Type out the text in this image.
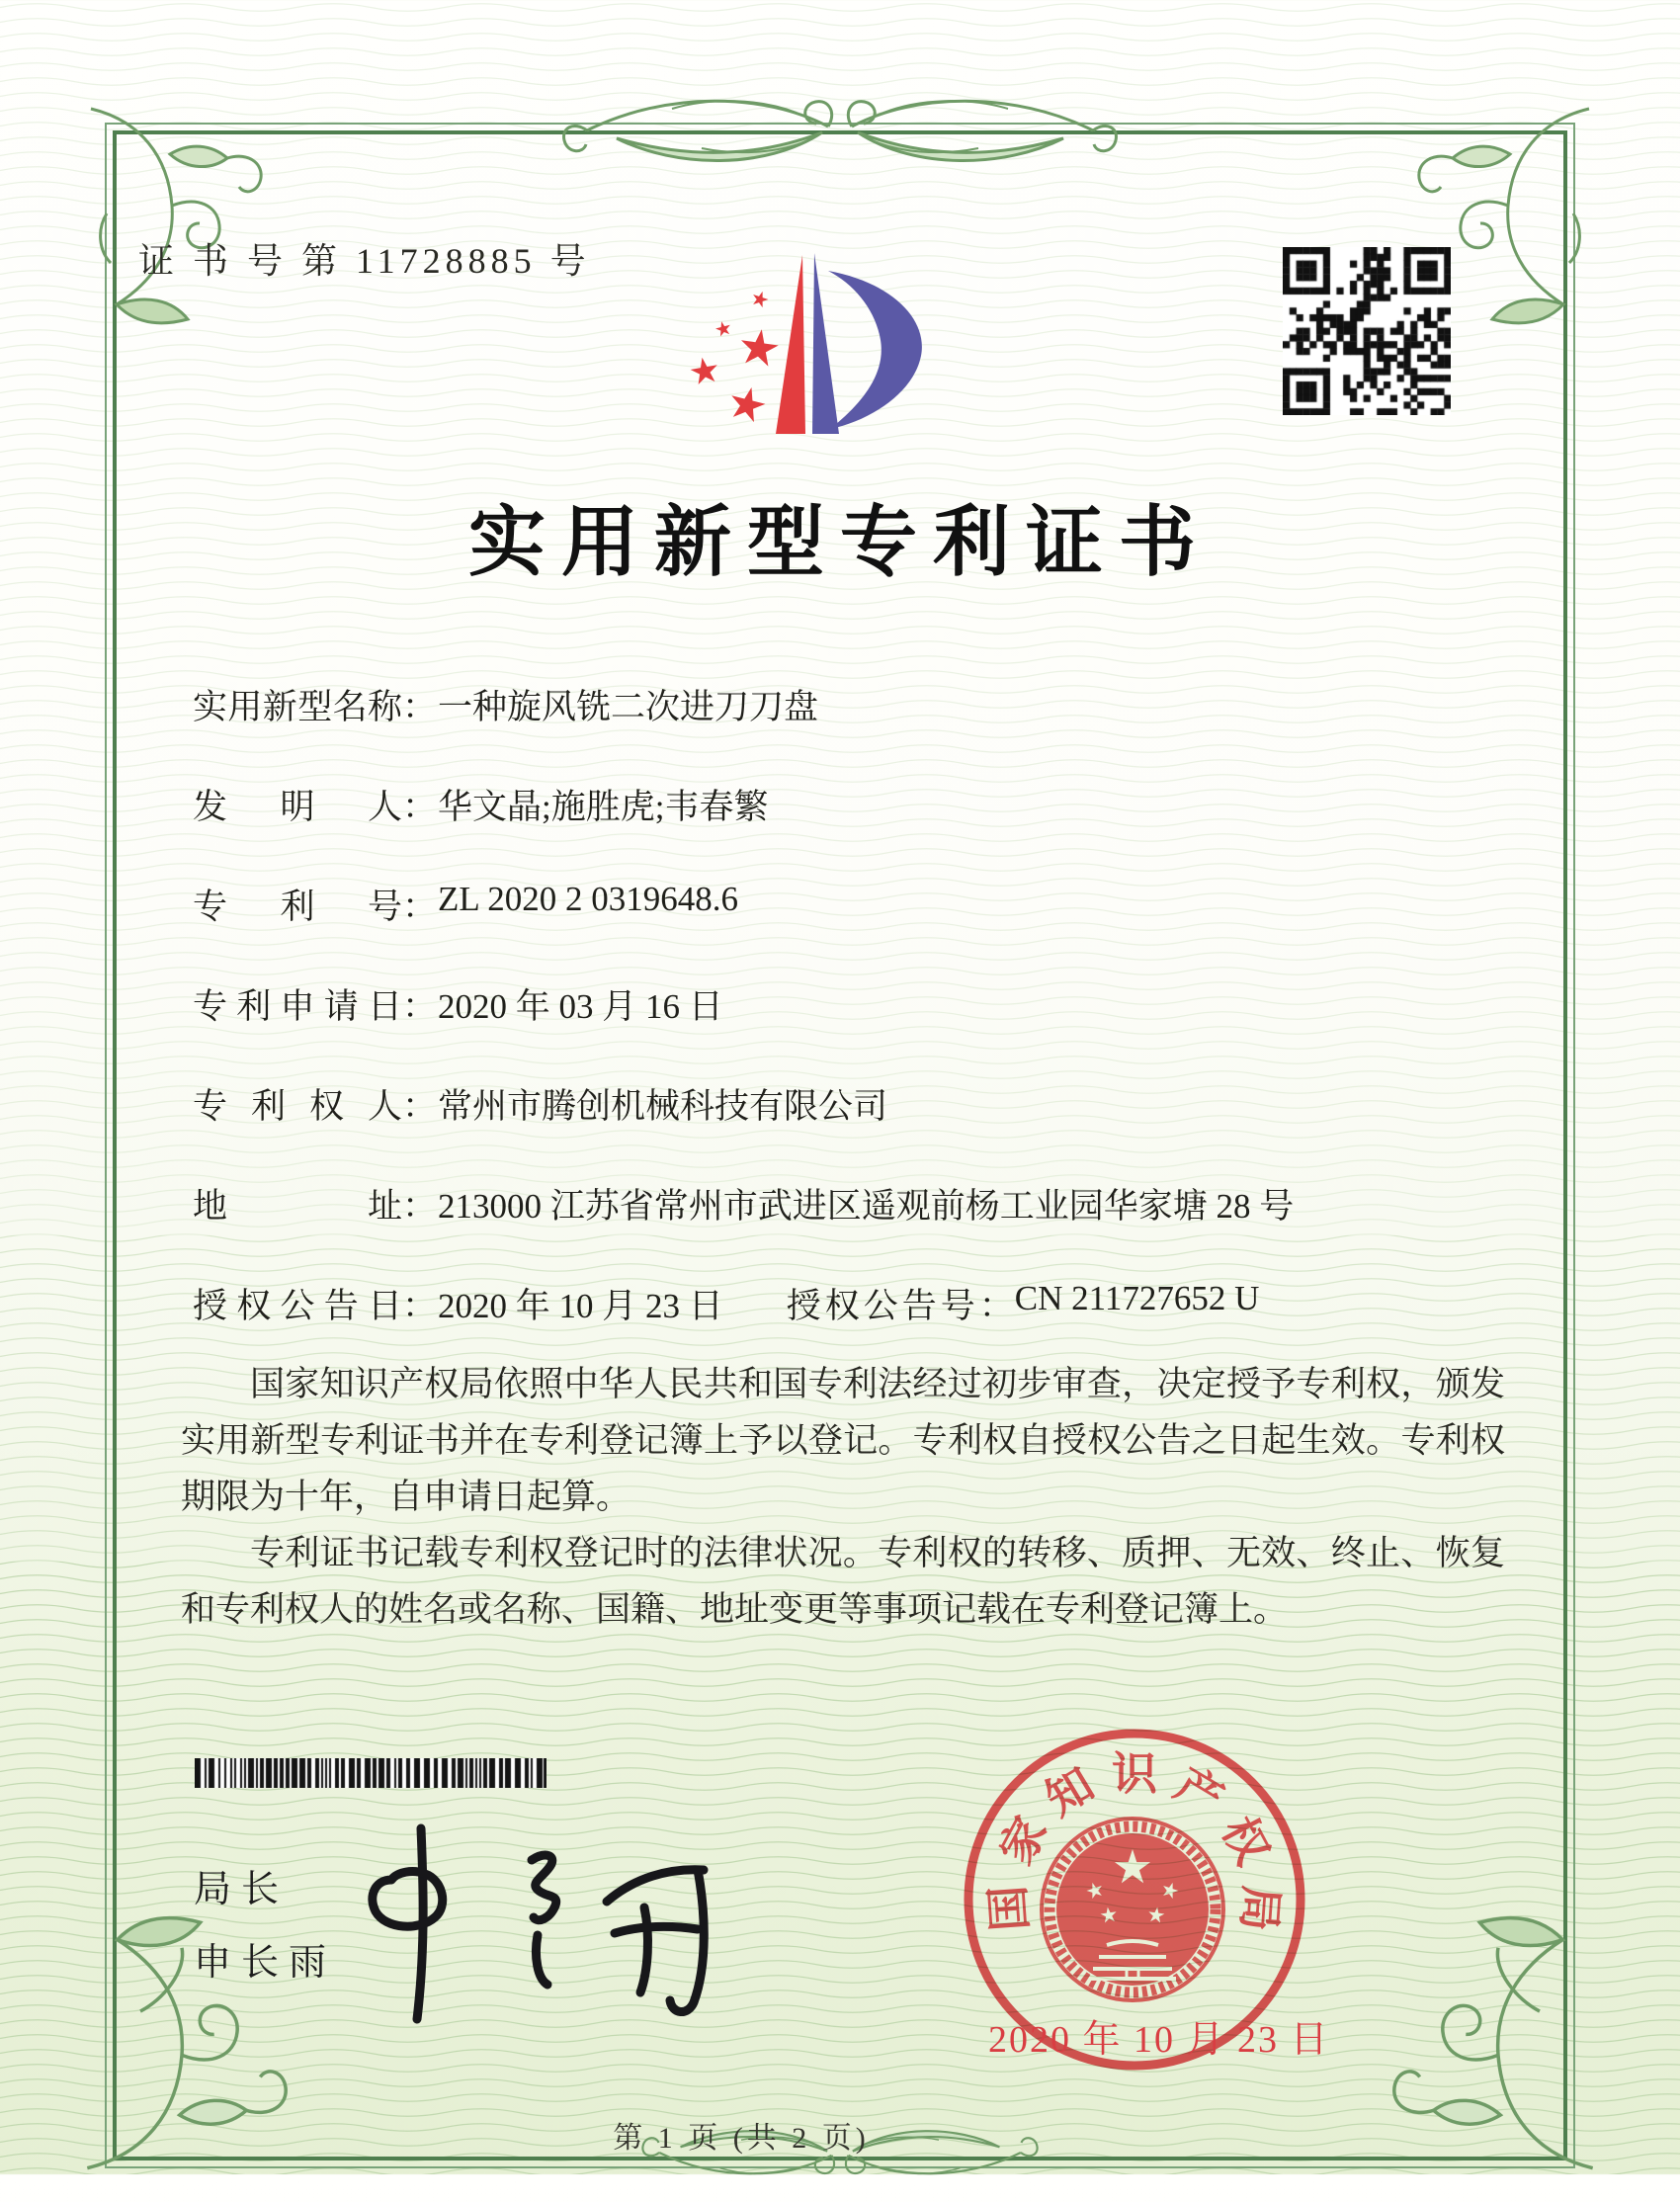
证 书 号 第 11728885 号
实用新型专利证书
实用新型名称：一种旋风铣二次进刀刀盘
发明人：华文晶;施胜虎;韦春繁
专利号：ZL 2020 2 0319648.6
专利申请日：2020 年 03 月 16 日
专利权人：常州市腾创机械科技有限公司
地址：213000 江苏省常州市武进区遥观前杨工业园华家塘 28 号
授权公告日：2020 年 10 月 23 日 授权公告号：CN 211727652 U

国家知识产权局依照中华人民共和国专利法经过初步审查，决定授予专利权，颁发实用新型专利证书并在专利登记簿上予以登记。专利权自授权公告之日起生效。专利权期限为十年，自申请日起算。

专利证书记载专利权登记时的法律状况。专利权的转移、质押、无效、终止、恢复和专利权人的姓名或名称、国籍、地址变更等事项记载在专利登记簿上。

局长
申长雨
国
家
知 识 产
权
局
2020 年 10 月 23 日
第 1 页 (共 2 页)
